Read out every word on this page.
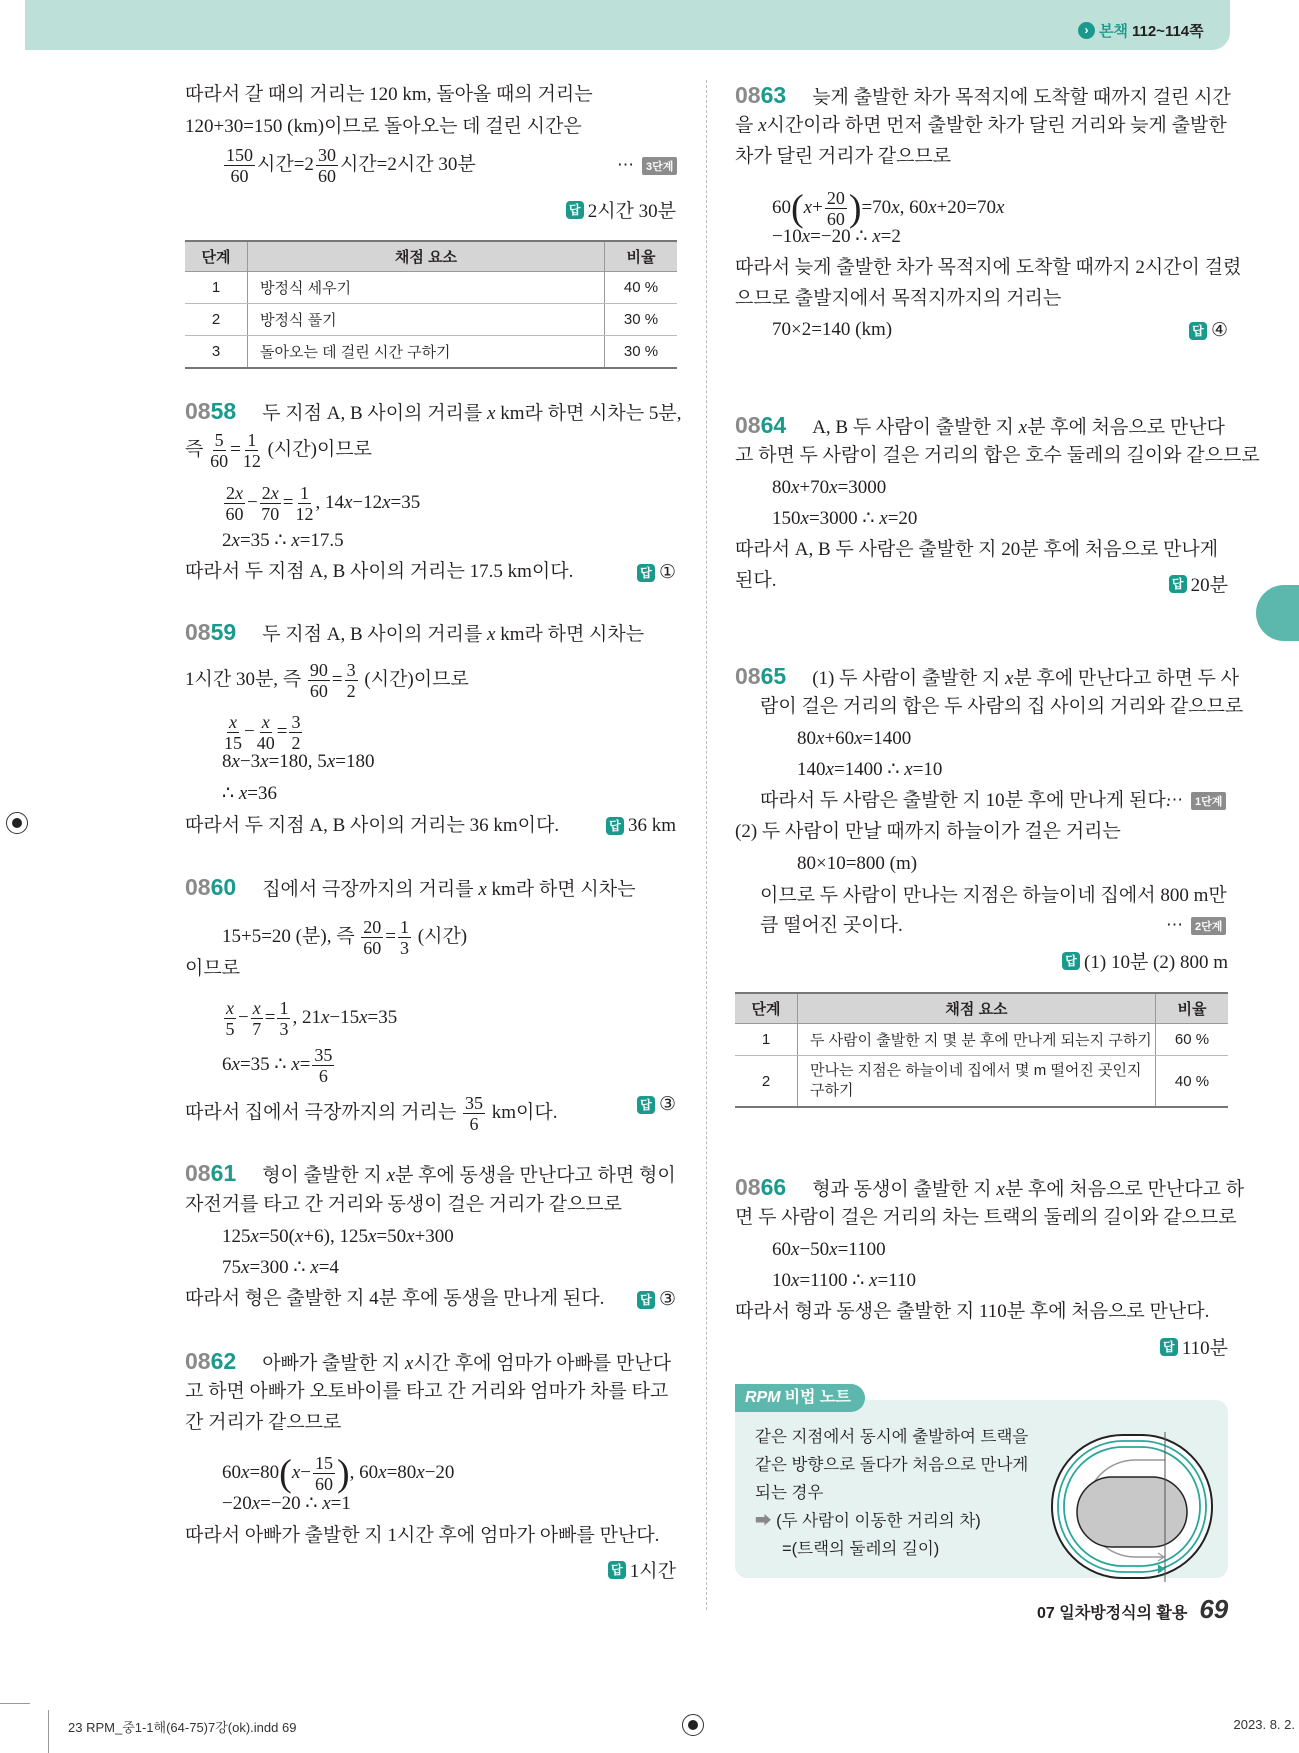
› 본책 112~114쪽
따라서 갈 때의 거리는 120 km, 돌아올 때의 거리는
120+30=150 (km)이므로 돌아오는 데 걸린 시간은
$\frac{150}{60}$ 시간$=2 \frac{30}{60}$ 시간=2시간 30분	⋯ 3단계
답 2시간 30분
단계	채점 요소	비율
1	방정식 세우기	40 %
2	방정식 풀기	30 %
3	돌아오는 데 걸린 시간 구하기	30 %
0858 두 지점 A, B 사이의 거리를 x km라 하면 시차는 5분,
즉 $\frac{5}{60} = \frac{1}{12}$ (시간)이므로
$\frac{2x}{60} - \frac{2x}{70} = \frac{1}{12}$ , 14x−12x=35
2x=35 ∴ x=17.5
따라서 두 지점 A, B 사이의 거리는 17.5 km이다.	답 ①
0859 두 지점 A, B 사이의 거리를 x km라 하면 시차는
1시간 30분, 즉 $\frac{90}{60} = \frac{3}{2}$ (시간)이므로
$\frac{x}{15} - \frac{x}{40} = \frac{3}{2}$
8x−3x=180, 5x=180
∴ x=36
따라서 두 지점 A, B 사이의 거리는 36 km이다.	답 36 km
0860 집에서 극장까지의 거리를 x km라 하면 시차는
15+5=20 (분), 즉 $\frac{20}{60} = \frac{1}{3}$ (시간)
이므로
$\frac{x}{5} - \frac{x}{7} = \frac{1}{3}$ , 21x−15x=35
6x=35 ∴ $x= \frac{35}{6}$
따라서 집에서 극장까지의 거리는 $\frac{35}{6}$ km이다.	답 ③
0861 형이 출발한 지 x분 후에 동생을 만난다고 하면 형이
자전거를 타고 간 거리와 동생이 걸은 거리가 같으므로
125x=50(x+6), 125x=50x+300
75x=300 ∴ x=4
따라서 형은 출발한 지 4분 후에 동생을 만나게 된다.	답 ③
0862 아빠가 출발한 지 x시간 후에 엄마가 아빠를 만난다
고 하면 아빠가 오토바이를 타고 간 거리와 엄마가 차를 타고
간 거리가 같으므로
$60x=80(x- \frac{15}{60}$ ), 60x=80x−20
−20x=−20 ∴ x=1
따라서 아빠가 출발한 지 1시간 후에 엄마가 아빠를 만난다.
답 1시간
0863 늦게 출발한 차가 목적지에 도착할 때까지 걸린 시간
을 x시간이라 하면 먼저 출발한 차가 달린 거리와 늦게 출발한
차가 달린 거리가 같으므로
$60(x+ \frac{20}{60} )=70x$, 60x+20=70x
−10x=−20 ∴ x=2
따라서 늦게 출발한 차가 목적지에 도착할 때까지 2시간이 걸렸
으므로 출발지에서 목적지까지의 거리는
70×2=140 (km)	답 ④
0864 A, B 두 사람이 출발한 지 x분 후에 처음으로 만난다
고 하면 두 사람이 걸은 거리의 합은 호수 둘레의 길이와 같으므로
80x+70x=3000
150x=3000 ∴ x=20
따라서 A, B 두 사람은 출발한 지 20분 후에 처음으로 만나게
된다.	답 20분
0865 (1) 두 사람이 출발한 지 x분 후에 만난다고 하면 두 사
람이 걸은 거리의 합은 두 사람의 집 사이의 거리와 같으므로
80x+60x=1400
140x=1400 ∴ x=10
따라서 두 사람은 출발한 지 10분 후에 만나게 된다.
⋯ 1단계
(2) 두 사람이 만날 때까지 하늘이가 걸은 거리는
80×10=800 (m)
이므로 두 사람이 만나는 지점은 하늘이네 집에서 800 m만
큼 떨어진 곳이다.	⋯ 2단계
답 (1) 10분 (2) 800 m
단계	채점 요소	비율
1	두 사람이 출발한 지 몇 분 후에 만나게 되는지 구하기	60 %
2	만나는 지점은 하늘이네 집에서 몇 m 떨어진 곳인지 구하기	40 %
0866 형과 동생이 출발한 지 x분 후에 처음으로 만난다고 하
면 두 사람이 걸은 거리의 차는 트랙의 둘레의 길이와 같으므로
60x−50x=1100
10x=1100 ∴ x=110
따라서 형과 동생은 출발한 지 110분 후에 처음으로 만난다.
답 110분
RPM 비법 노트
같은 지점에서 동시에 출발하여 트랙을
같은 방향으로 돌다가 처음으로 만나게
되는 경우
➡ (두 사람이 이동한 거리의 차)
=(트랙의 둘레의 길이)
07 일차방정식의 활용 69
23 RPM_중1-1해(64-75)7강(ok).indd 69	2023. 8. 2.
